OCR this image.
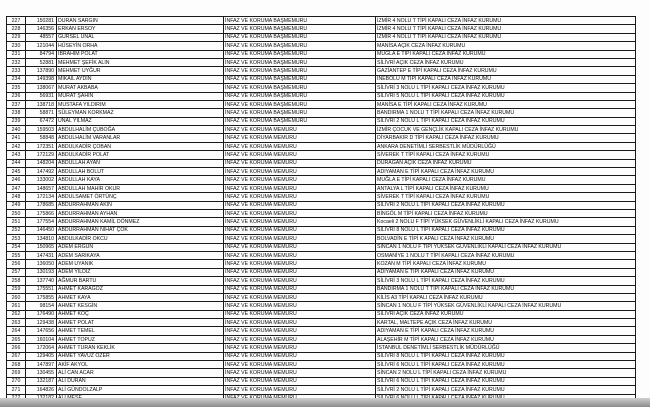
227	150281	DURAN SARGIN	İNFAZ VE KORUMA BAŞMEMURU	İZMİR 4 NOLU T TİPİ KAPALI CEZA İNFAZ KURUMU
228	146356	ERKAN ERSOY	İNFAZ VE KORUMA BAŞMEMURU	İZMİR 4 NOLU T TİPİ KAPALI CEZA İNFAZ KURUMU
229	48557	GÜRSEL ÜNAL	İNFAZ VE KORUMA BAŞMEMURU	İZMİR 4 NOLU T TİPİ KAPALI CEZA İNFAZ KURUMU
230	121044	HÜSEYİN ORHA	İNFAZ VE KORUMA BAŞMEMURU	MANİSA AÇIK CEZA İNFAZ KURUMU
231	84794	İBRAHİM POLAT	İNFAZ VE KORUMA BAŞMEMURU	MUĞLA E TİPİ KAPALI CEZA İNFAZ KURUMU
232	52881	MEHMET ŞEFİK ALIN	İNFAZ VE KORUMA BAŞMEMURU	SİLİVRİ AÇIK CEZA İNFAZ KURUMU
233	137890	MEHMET UYĞUR	İNFAZ VE KORUMA BAŞMEMURU	GAZİANTEP E TİPİ KAPALI CEZA İNFAZ KURUMU
234	149398	MİKAİL AYDIN	İNFAZ VE KORUMA BAŞMEMURU	İNEBOLU M TİPİ KAPALI CEZA İNFAZ KURUMU
235	138067	MURAT AKBABA	İNFAZ VE KORUMA BAŞMEMURU	SİLİVRİ 3 NOLU L TİPİ KAPALI CEZA İNFAZ KURUMU
236	56931	MURAT ŞAHİN	İNFAZ VE KORUMA BAŞMEMURU	SİLİVRİ 5 NOLU L TİPİ KAPALI CEZA İNFAZ KURUMU
237	138718	MUSTAFA YILDIRIM	İNFAZ VE KORUMA BAŞMEMURU	MANİSA E TİPİ KAPALI CEZA İNFAZ KURUMU
238	58871	SÜLEYMAN KORKMAZ	İNFAZ VE KORUMA BAŞMEMURU	BANDIRMA 1 NOLU T TİPİ KAPALI CEZA İNFAZ KURUMU
239	67472	ÜNAL YILMAZ	İNFAZ VE KORUMA BAŞMEMURU	SİLİVRİ 2 NOLU L TİPİ KAPALI CEZA İNFAZ KURUMU
240	159503	ABDULHALİM ÇUBOĞA	İNFAZ VE KORUMA MEMURU	İZMİR ÇOCUK VE GENÇLİK KAPALI CEZA İNFAZ KURUMU
241	58848	ABDULHALİM VARANLAR	İNFAZ VE KORUMA MEMURU	DİYARBAKIR D TİPİ KAPALI CEZA İNFAZ KURUMU
242	172351	ABDULKADİR ÇOBAN	İNFAZ VE KORUMA MEMURU	ANKARA DENETİMLİ SERBESTLİK MÜDÜRLÜĞÜ
243	172129	ABDULKADİR POLAT	İNFAZ VE KORUMA MEMURU	SİVEREK T TİPİ KAPALI CEZA İNFAZ KURUMU
244	148204	ABDULLAH AYAN	İNFAZ VE KORUMA MEMURU	DURAĞAN AÇIK CEZA İNFAZ KURUMU
245	147492	ABDULLAH BOLUT	İNFAZ VE KORUMA MEMURU	ADIYAMAN E TİPİ KAPALI CEZA İNFAZ KURUMU
246	133002	ABDULLAH KAYA	İNFAZ VE KORUMA MEMURU	MUĞLA E TİPİ KAPALI CEZA İNFAZ KURUMU
247	148657	ABDULLAH MAHİR OKUR	İNFAZ VE KORUMA MEMURU	ANTALYA L TİPİ KAPALI CEZA İNFAZ KURUMU
248	172134	ABDULSAMET ÖRTÜNÇ	İNFAZ VE KORUMA MEMURU	SİVEREK T TİPİ KAPALI CEZA İNFAZ KURUMU
249	178685	ABDURRAHMAN AKIN	İNFAZ VE KORUMA MEMURU	SİLİVRİ 2 NOLU L TİPİ KAPALI CEZA İNFAZ KURUMU
250	175866	ABDURRAHMAN AYHAN	İNFAZ VE KORUMA MEMURU	BİNGÖL M TİPİ KAPALI CEZA İNFAZ KURUMU
251	177554	ABDURRAHMAN KAMİL DÖNMEZ	İNFAZ VE KORUMA MEMURU	Kocaeli 2 NOLU F TİPİ YÜKSEK GÜVENLİKLİ KAPALI CEZA İNFAZ KURUMU
252	146450	ABDURRAHMAN NİHAT ÇOK	İNFAZ VE KORUMA MEMURU	SİLİVRİ 8 NOLU L TİPİ KAPALI CEZA İNFAZ KURUMU
253	134810	ABDULKADİR OKCU	İNFAZ VE KORUMA MEMURU	BOLVADİN E TİPİ K APALI CEZA İNFAZ KURUMU
254	150965	ADEM ERGÜN	İNFAZ VE KORUMA MEMURU	SİNCAN 1 NOLU F TİPİ YÜKSEK GÜVENLİKLİ KAPALI CEZA İNFAZ KURUMU
255	147431	ADEM SARIKAYA	İNFAZ VE KORUMA MEMURU	OSMANİYE 1 NOLU T TİPİ KAPALI CEZA İNFAZ KURUMU
256	136050	ADEM UYANIK	İNFAZ VE KORUMA MEMURU	KOZAN M TİPİ KAPALI CEZA İNFAZ KURUMU
257	130193	ADEM YILDIZ	İNFAZ VE KORUMA MEMURU	ADIYAMAN E TİPİ KAPALI CEZA İNFAZ KURUMU
258	137740	AĞMUR BARTU	İNFAZ VE KORUMA MEMURU	SİLİVRİ 3 NOLU L TİPİ KAPALI CEZA İNFAZ KURUMU
259	175551	AHMET KARAGÖZ	İNFAZ VE KORUMA MEMURU	BANDIRMA 1 NOLU T TİPİ KAPALI CEZA İNFAZ KURUMU
260	175855	AHMET KAYA	İNFAZ VE KORUMA MEMURU	KİLİS A3 TİPİ KAPALI CEZA İNFAZ KURUMU
261	98154	AHMET KESGİN	İNFAZ VE KORUMA MEMURU	SİNCAN 1 NOLU F TİPİ YÜKSEK GÜVENLİKLİ KAPALI CEZA İNFAZ KURUMU
262	176490	AHMET KOÇ	İNFAZ VE KORUMA MEMURU	SİLİVRİ AÇIK CEZA İNFAZ KURUMU
263	129438	AHMET POLAT	İNFAZ VE KORUMA MEMURU	KARTAL, MALTEPE AÇIK CEZA İNFAZ KURUMU
264	147656	AHMET TEMEL	İNFAZ VE KORUMA MEMURU	ADIYAMAN E TİPİ KAPALI CEZA İNFAZ KURUMU
265	160104	AHMET TOPUZ	İNFAZ VE KORUMA MEMURU	ALAŞEHİR M TİPİ KAPALI CEZA İNFAZ KURUMU
266	172064	AHMET TURAN KEKLİK	İNFAZ VE KORUMA MEMURU	İSTANBUL DENETİMLİ SERBESTLİK MÜDÜRLÜĞÜ
267	129405	AHMET YAVUZ ÖZER	İNFAZ VE KORUMA MEMURU	SİLİVRİ 8 NOLU L TİPİ KAPALI CEZA İNFAZ KURUMU
268	147897	AKİF AKYOL	İNFAZ VE KORUMA MEMURU	SİLİVRİ 6 NOLU L TİPİ KAPALI CEZA İNFAZ KURUMU
269	130455	ALİ CAN ACAR	İNFAZ VE KORUMA MEMURU	SİNCAN 2 NOLU L TİPİ KAPALI CEZA İNFAZ KURUMU
270	132187	ALİ DURAN	İNFAZ VE KORUMA MEMURU	SİLİVRİ 6 NOLU L TİPİ KAPALI CEZA İNFAZ KURUMU
271	164826	ALİ GÜNDOLZALP	İNFAZ VE KORUMA MEMURU	SİLİVRİ 2 NOLU L TİPİ KAPALI CEZA İNFAZ KURUMU
